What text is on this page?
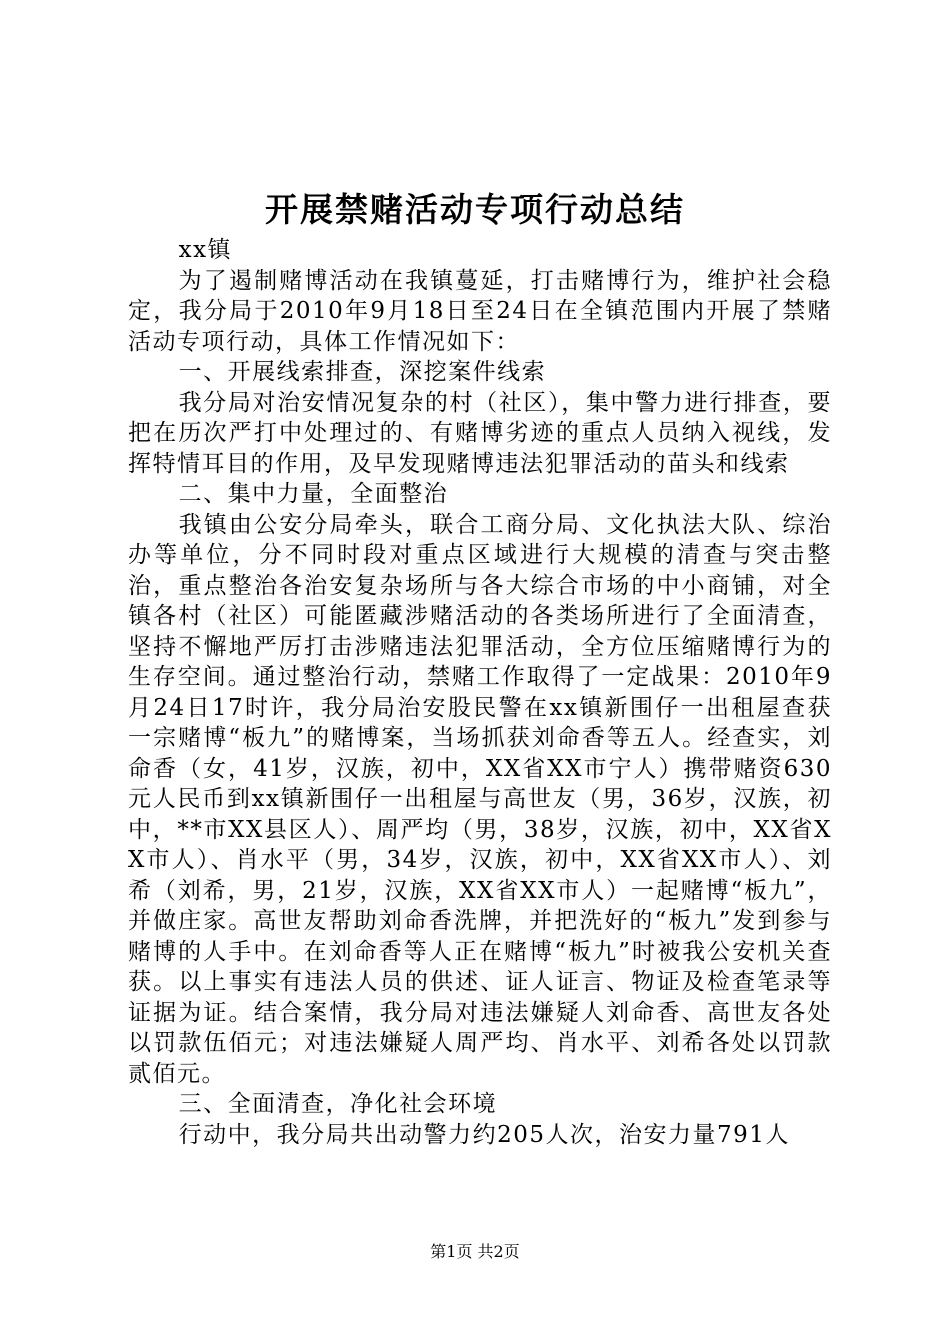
开展禁赌活动专项行动总结

xx镇

为了遏制赌博活动在我镇蔓延，打击赌博行为，维护社会稳定，我分局于2010年9月18日至24日在全镇范围内开展了禁赌活动专项行动，具体工作情况如下：

一、开展线索排查，深挖案件线索

我分局对治安情况复杂的村（社区），集中警力进行排查，要把在历次严打中处理过的、有赌博劣迹的重点人员纳入视线，发挥特情耳目的作用，及早发现赌博违法犯罪活动的苗头和线索

二、集中力量，全面整治

我镇由公安分局牵头，联合工商分局、文化执法大队、综治办等单位，分不同时段对重点区域进行大规模的清查与突击整治，重点整治各治安复杂场所与各大综合市场的中小商铺，对全镇各村（社区）可能匿藏涉赌活动的各类场所进行了全面清查，坚持不懈地严厉打击涉赌违法犯罪活动，全方位压缩赌博行为的生存空间。通过整治行动，禁赌工作取得了一定战果：2010年9月24日17时许，我分局治安股民警在xx镇新围仔一出租屋查获一宗赌博“板九”的赌博案，当场抓获刘命香等五人。经查实，刘命香（女，41岁，汉族，初中，XX省XX市宁人）携带赌资630元人民币到xx镇新围仔一出租屋与高世友（男，36岁，汉族，初中，**市XX县区人）、周严均（男，38岁，汉族，初中，XX省XX市人）、肖水平（男，34岁，汉族，初中，XX省XX市人）、刘希（刘希，男，21岁，汉族，XX省XX市人）一起赌博“板九”，并做庄家。高世友帮助刘命香洗牌，并把洗好的“板九”发到参与赌博的人手中。在刘命香等人正在赌博“板九”时被我公安机关查获。以上事实有违法人员的供述、证人证言、物证及检查笔录等证据为证。结合案情，我分局对违法嫌疑人刘命香、高世友各处以罚款伍佰元；对违法嫌疑人周严均、肖水平、刘希各处以罚款贰佰元。

三、全面清查，净化社会环境

行动中，我分局共出动警力约205人次，治安力量791人

第1页 共2页
